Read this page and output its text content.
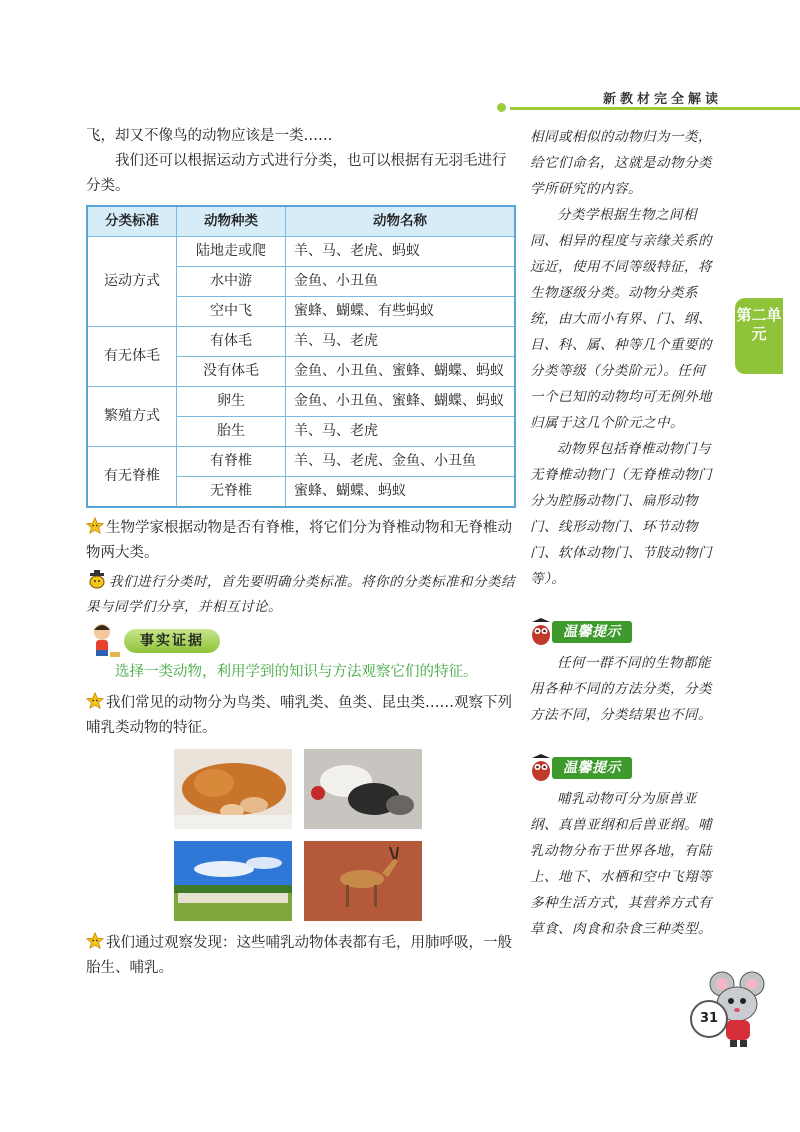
新教材完全解读

飞，却又不像鸟的动物应该是一类……

我们还可以根据运动方式进行分类，也可以根据有无羽毛进行分类。

分类标准	动物种类	动物名称
运动方式	陆地走或爬	羊、马、老虎、蚂蚁
	水中游	金鱼、小丑鱼
	空中飞	蜜蜂、蝴蝶、有些蚂蚁
有无体毛	有体毛	羊、马、老虎
	没有体毛	金鱼、小丑鱼、蜜蜂、蝴蝶、蚂蚁
繁殖方式	卵生	金鱼、小丑鱼、蜜蜂、蝴蝶、蚂蚁
	胎生	羊、马、老虎
有无脊椎	有脊椎	羊、马、老虎、金鱼、小丑鱼
	无脊椎	蜜蜂、蝴蝶、蚂蚁

生物学家根据动物是否有脊椎，将它们分为脊椎动物和无脊椎动物两大类。

我们进行分类时，首先要明确分类标准。将你的分类标准和分类结果与同学们分享，并相互讨论。

事实证据

选择一类动物，利用学到的知识与方法观察它们的特征。

我们常见的动物分为鸟类、哺乳类、鱼类、昆虫类……观察下列哺乳类动物的特征。

我们通过观察发现：这些哺乳动物体表都有毛，用肺呼吸，一般胎生、哺乳。

相同或相似的动物归为一类，给它们命名，这就是动物分类学所研究的内容。

分类学根据生物之间相同、相异的程度与亲缘关系的远近，使用不同等级特征，将生物逐级分类。动物分类系统，由大而小有界、门、纲、目、科、属、种等几个重要的分类等级（分类阶元）。任何一个已知的动物均可无例外地归属于这几个阶元之中。

动物界包括脊椎动物门与无脊椎动物门（无脊椎动物门分为腔肠动物门、扁形动物门、线形动物门、环节动物门、软体动物门、节肢动物门等）。

温馨提示

任何一群不同的生物都能用各种不同的方法分类，分类方法不同，分类结果也不同。

温馨提示

哺乳动物可分为原兽亚纲、真兽亚纲和后兽亚纲。哺乳动物分布于世界各地，有陆上、地下、水栖和空中飞翔等多种生活方式，其营养方式有草食、肉食和杂食三种类型。

第二单元
31
